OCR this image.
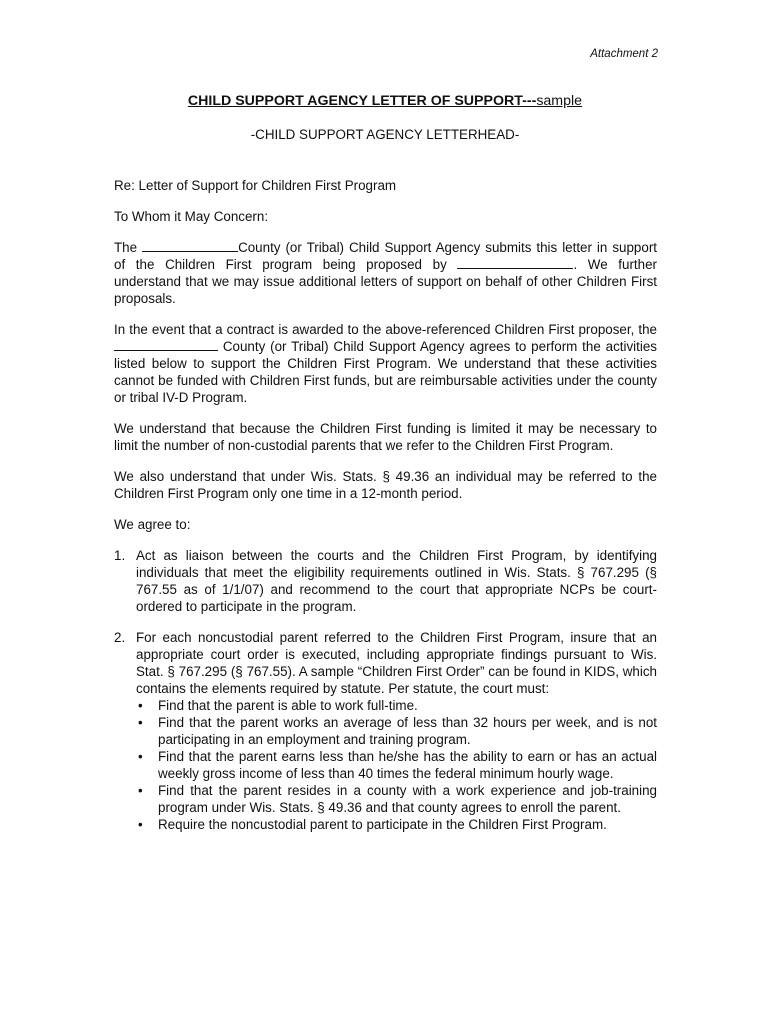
Attachment 2
CHILD SUPPORT AGENCY LETTER OF SUPPORT---sample
-CHILD SUPPORT AGENCY LETTERHEAD-

Re: Letter of Support for Children First Program

To Whom it May Concern:

The	County (or Tribal) Child Support Agency submits this letter in support of the Children First program being proposed by	. We further understand that we may issue additional letters of support on behalf of other Children First proposals.

In the event that a contract is awarded to the above-referenced Children First proposer, the  County (or Tribal) Child Support Agency agrees to perform the activities listed below to support the Children First Program. We understand that these activities cannot be funded with Children First funds, but are reimbursable activities under the county or tribal IV-D Program.

We understand that because the Children First funding is limited it may be necessary to limit the number of non-custodial parents that we refer to the Children First Program.

We also understand that under Wis. Stats. § 49.36 an individual may be referred to the Children First Program only one time in a 12-month period.

We agree to:

1. Act as liaison between the courts and the Children First Program, by identifying individuals that meet the eligibility requirements outlined in Wis. Stats. § 767.295 (§ 767.55 as of 1/1/07) and recommend to the court that appropriate NCPs be court-ordered to participate in the program.
2. For each noncustodial parent referred to the Children First Program, insure that an appropriate court order is executed, including appropriate findings pursuant to Wis. Stat. § 767.295 (§ 767.55). A sample “Children First Order” can be found in KIDS, which contains the elements required by statute. Per statute, the court must:
• Find that the parent is able to work full-time.
• Find that the parent works an average of less than 32 hours per week, and is not participating in an employment and training program.
• Find that the parent earns less than he/she has the ability to earn or has an actual weekly gross income of less than 40 times the federal minimum hourly wage.
• Find that the parent resides in a county with a work experience and job-training program under Wis. Stats. § 49.36 and that county agrees to enroll the parent.
• Require the noncustodial parent to participate in the Children First Program.
